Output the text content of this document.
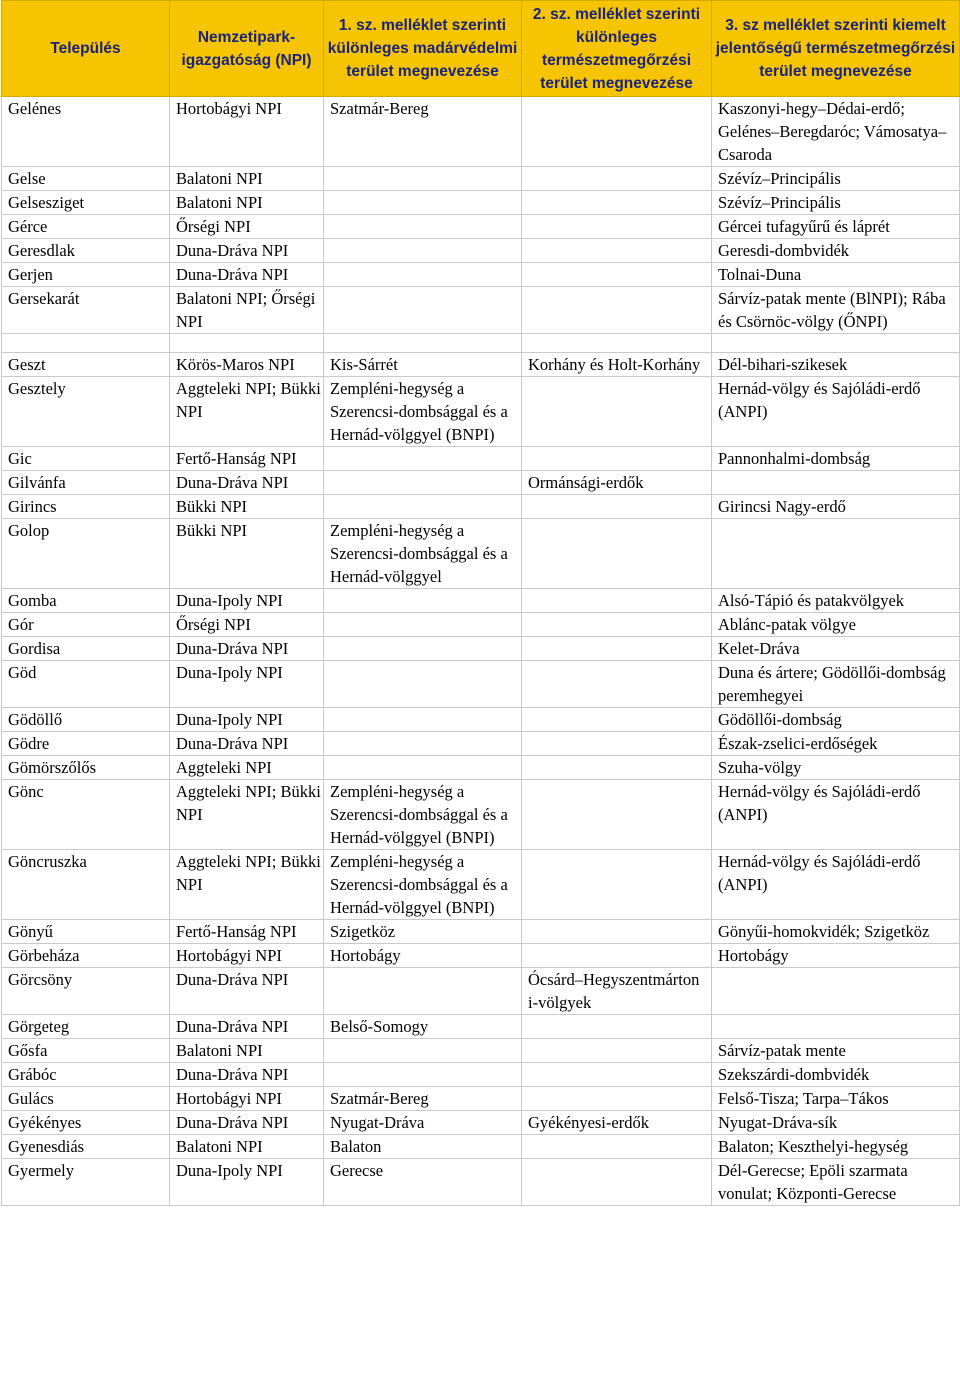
Település	Nemzetipark-igazgatóság (NPI)	1. sz. melléklet szerinti különleges madárvédelmi terület megnevezése	2. sz. melléklet szerinti különleges természetmegőrzési terület megnevezése	3. sz melléklet szerinti kiemelt jelentőségű természetmegőrzési terület megnevezése
Gelénes	Hortobágyi NPI	Szatmár-Bereg		Kaszonyi-hegy–Dédai-erdő; Gelénes–Beregdaróc; Vámosatya–Csaroda
Gelse	Balatoni NPI			Szévíz–Principális
Gelsesziget	Balatoni NPI			Szévíz–Principális
Gérce	Őrségi NPI			Gércei tufagyűrű és láprét
Geresdlak	Duna-Dráva NPI			Geresdi-dombvidék
Gerjen	Duna-Dráva NPI			Tolnai-Duna
Gersekarát	Balatoni NPI; Őrségi NPI			Sárvíz-patak mente (BlNPI); Rába és Csörnöc-völgy (ŐNPI)

Geszt	Körös-Maros NPI	Kis-Sárrét	Korhány és Holt-Korhány	Dél-bihari-szikesek
Gesztely	Aggteleki NPI; Bükki NPI	Zempléni-hegység a Szerencsi-dombsággal és a Hernád-völggyel (BNPI)		Hernád-völgy és Sajóládi-erdő (ANPI)
Gic	Fertő-Hanság NPI			Pannonhalmi-dombság
Gilvánfa	Duna-Dráva NPI		Ormánsági-erdők	
Girincs	Bükki NPI			Girincsi Nagy-erdő
Golop	Bükki NPI	Zempléni-hegység a Szerencsi-dombsággal és a Hernád-völggyel		
Gomba	Duna-Ipoly NPI			Alsó-Tápió és patakvölgyek
Gór	Őrségi NPI			Ablánc-patak völgye
Gordisa	Duna-Dráva NPI			Kelet-Dráva
Göd	Duna-Ipoly NPI			Duna és ártere; Gödöllői-dombság peremhegyei
Gödöllő	Duna-Ipoly NPI			Gödöllői-dombság
Gödre	Duna-Dráva NPI			Észak-zselici-erdőségek
Gömörszőlős	Aggteleki NPI			Szuha-völgy
Gönc	Aggteleki NPI; Bükki NPI	Zempléni-hegység a Szerencsi-dombsággal és a Hernád-völggyel (BNPI)		Hernád-völgy és Sajóládi-erdő (ANPI)
Göncruszka	Aggteleki NPI; Bükki NPI	Zempléni-hegység a Szerencsi-dombsággal és a Hernád-völggyel (BNPI)		Hernád-völgy és Sajóládi-erdő (ANPI)
Gönyű	Fertő-Hanság NPI	Szigetköz		Gönyűi-homokvidék; Szigetköz
Görbeháza	Hortobágyi NPI	Hortobágy		Hortobágy
Görcsöny	Duna-Dráva NPI		Ócsárd–Hegyszentmárton i-völgyek	
Görgeteg	Duna-Dráva NPI	Belső-Somogy		
Gősfa	Balatoni NPI			Sárvíz-patak mente
Grábóc	Duna-Dráva NPI			Szekszárdi-dombvidék
Gulács	Hortobágyi NPI	Szatmár-Bereg		Felső-Tisza; Tarpa–Tákos
Gyékényes	Duna-Dráva NPI	Nyugat-Dráva	Gyékényesi-erdők	Nyugat-Dráva-sík
Gyenesdiás	Balatoni NPI	Balaton		Balaton; Keszthelyi-hegység
Gyermely	Duna-Ipoly NPI	Gerecse		Dél-Gerecse; Epöli szarmata vonulat; Központi-Gerecse
